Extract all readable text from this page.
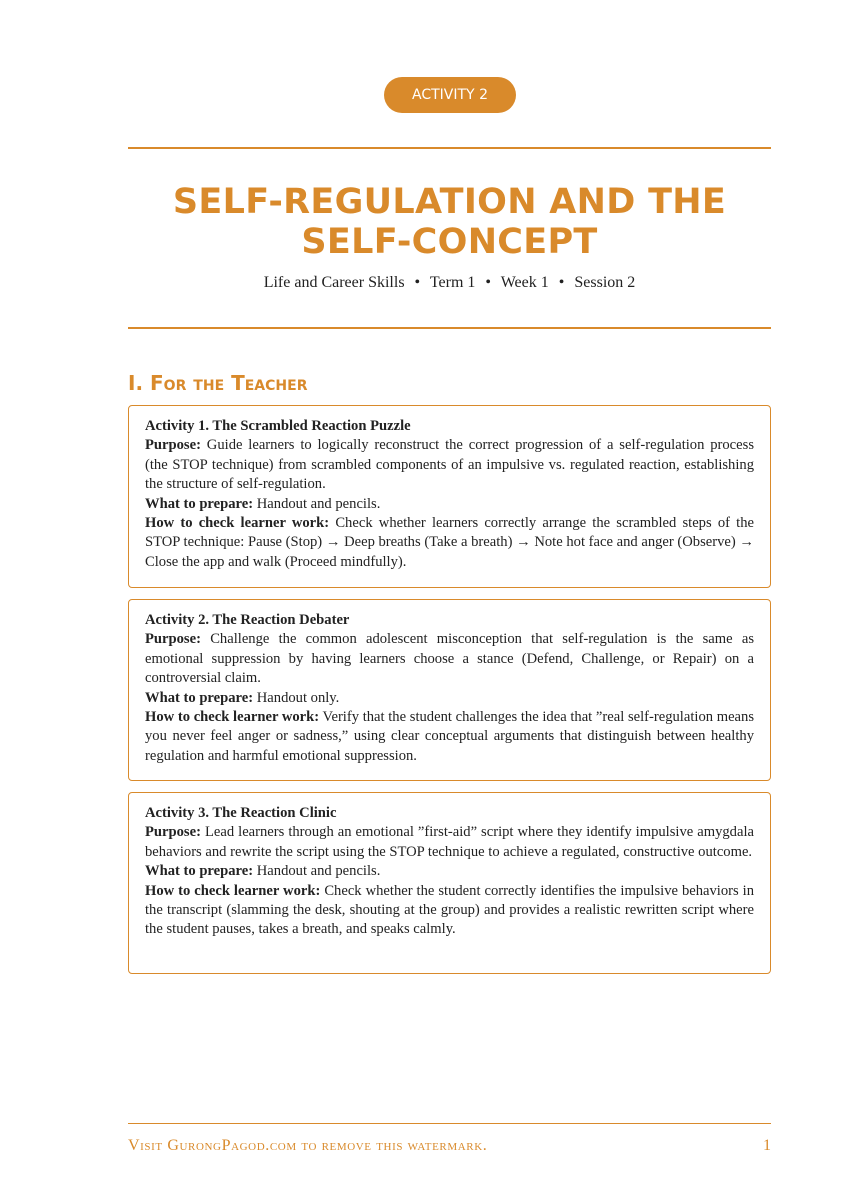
ACTIVITY 2
SELF-REGULATION AND THE
SELF-CONCEPT
Life and Career Skills • Term 1 • Week 1 • Session 2
I. For the Teacher

Activity 1. The Scrambled Reaction Puzzle

Purpose: Guide learners to logically reconstruct the correct progression of a self-regulation process (the STOP technique) from scrambled components of an impulsive vs. regulated reaction, establishing the structure of self-regulation.

What to prepare: Handout and pencils.

How to check learner work: Check whether learners correctly arrange the scrambled steps of the STOP technique: Pause (Stop) → Deep breaths (Take a breath) → Note hot face and anger (Observe) → Close the app and walk (Proceed mindfully).

Activity 2. The Reaction Debater

Purpose: Challenge the common adolescent misconception that self-regulation is the same as emotional suppression by having learners choose a stance (Defend, Challenge, or Repair) on a controversial claim.

What to prepare: Handout only.

How to check learner work: Verify that the student challenges the idea that ”real self-regulation means you never feel anger or sadness,” using clear conceptual arguments that distinguish between healthy regulation and harmful emotional suppression.

Activity 3. The Reaction Clinic

Purpose: Lead learners through an emotional ”first-aid” script where they identify impulsive amygdala behaviors and rewrite the script using the STOP technique to achieve a regulated, constructive outcome.

What to prepare: Handout and pencils.

How to check learner work: Check whether the student correctly identifies the impulsive behaviors in the transcript (slamming the desk, shouting at the group) and provides a realistic rewritten script where the student pauses, takes a breath, and speaks calmly.

Visit GurongPagod.com to remove this watermark.	1
